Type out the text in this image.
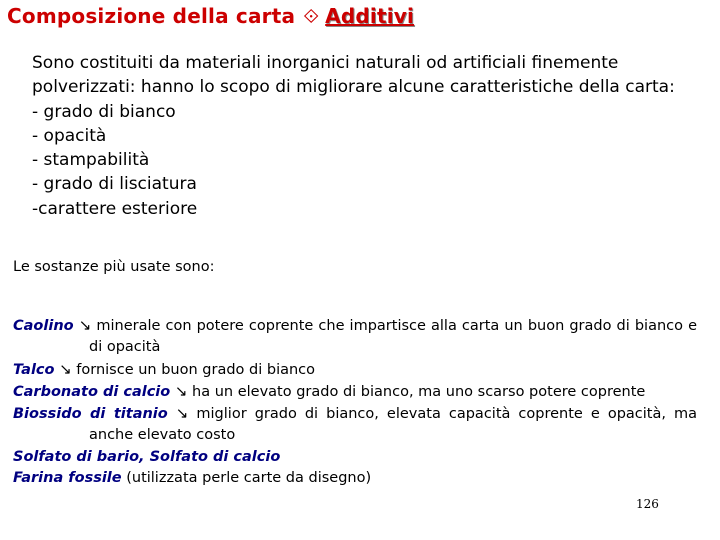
Composizione della carta ⟐ Additivi

Sono costituiti da materiali inorganici naturali od artificiali finemente polverizzati: hanno lo scopo di migliorare alcune caratteristiche della carta:

- grado di bianco
- opacità
- stampabilità
- grado di lisciatura
-carattere esteriore

Le sostanze più usate sono:

Caolino ↘ minerale con potere coprente che impartisce alla carta un buon grado di bianco e di opacità
Talco ↘ fornisce un buon grado di bianco
Carbonato di calcio ↘ ha un elevato grado di bianco, ma uno scarso potere coprente
Biossido di titanio ↘ miglior grado di bianco, elevata capacità coprente e opacità, ma anche elevato costo
Solfato di bario, Solfato di calcio
Farina fossile (utilizzata perle carte da disegno)
126
